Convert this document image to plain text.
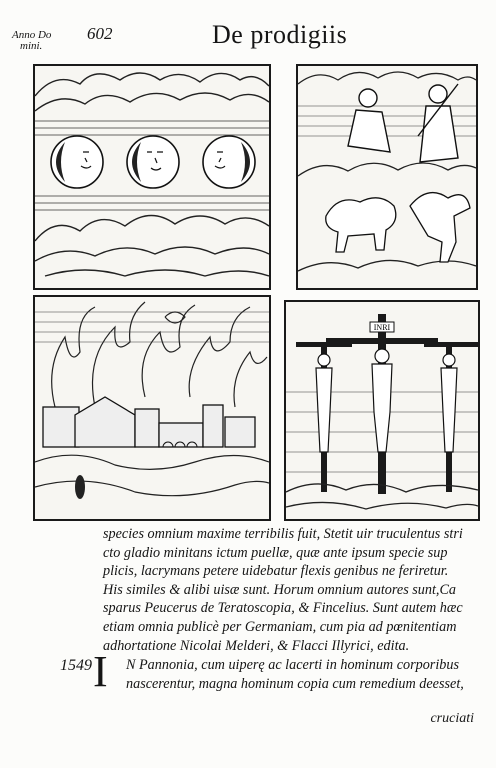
Anno Do
mini.
602	De prodigiis
INRI
species omnium maxime terribilis fuit, Stetit uir truculentus stri
cto gladio minitans ictum puellæ, quæ ante ipsum specie sup
plicis, lacrymans petere uidebatur flexis genibus ne feriretur.
His similes & alibi uisæ sunt. Horum omnium autores sunt,Ca
sparus Peucerus de Teratoscopia, & Fincelius. Sunt autem hæc
etiam omnia publicè per Germaniam, cum pia ad pœnitentiam
adhortatione Nicolai Melderi, & Flacci Illyrici, edita.
1549 I N Pannonia, cum uiperę ac lacerti in hominum corporibus
nascerentur, magna hominum copia cum remedium deesset,
cruciati
